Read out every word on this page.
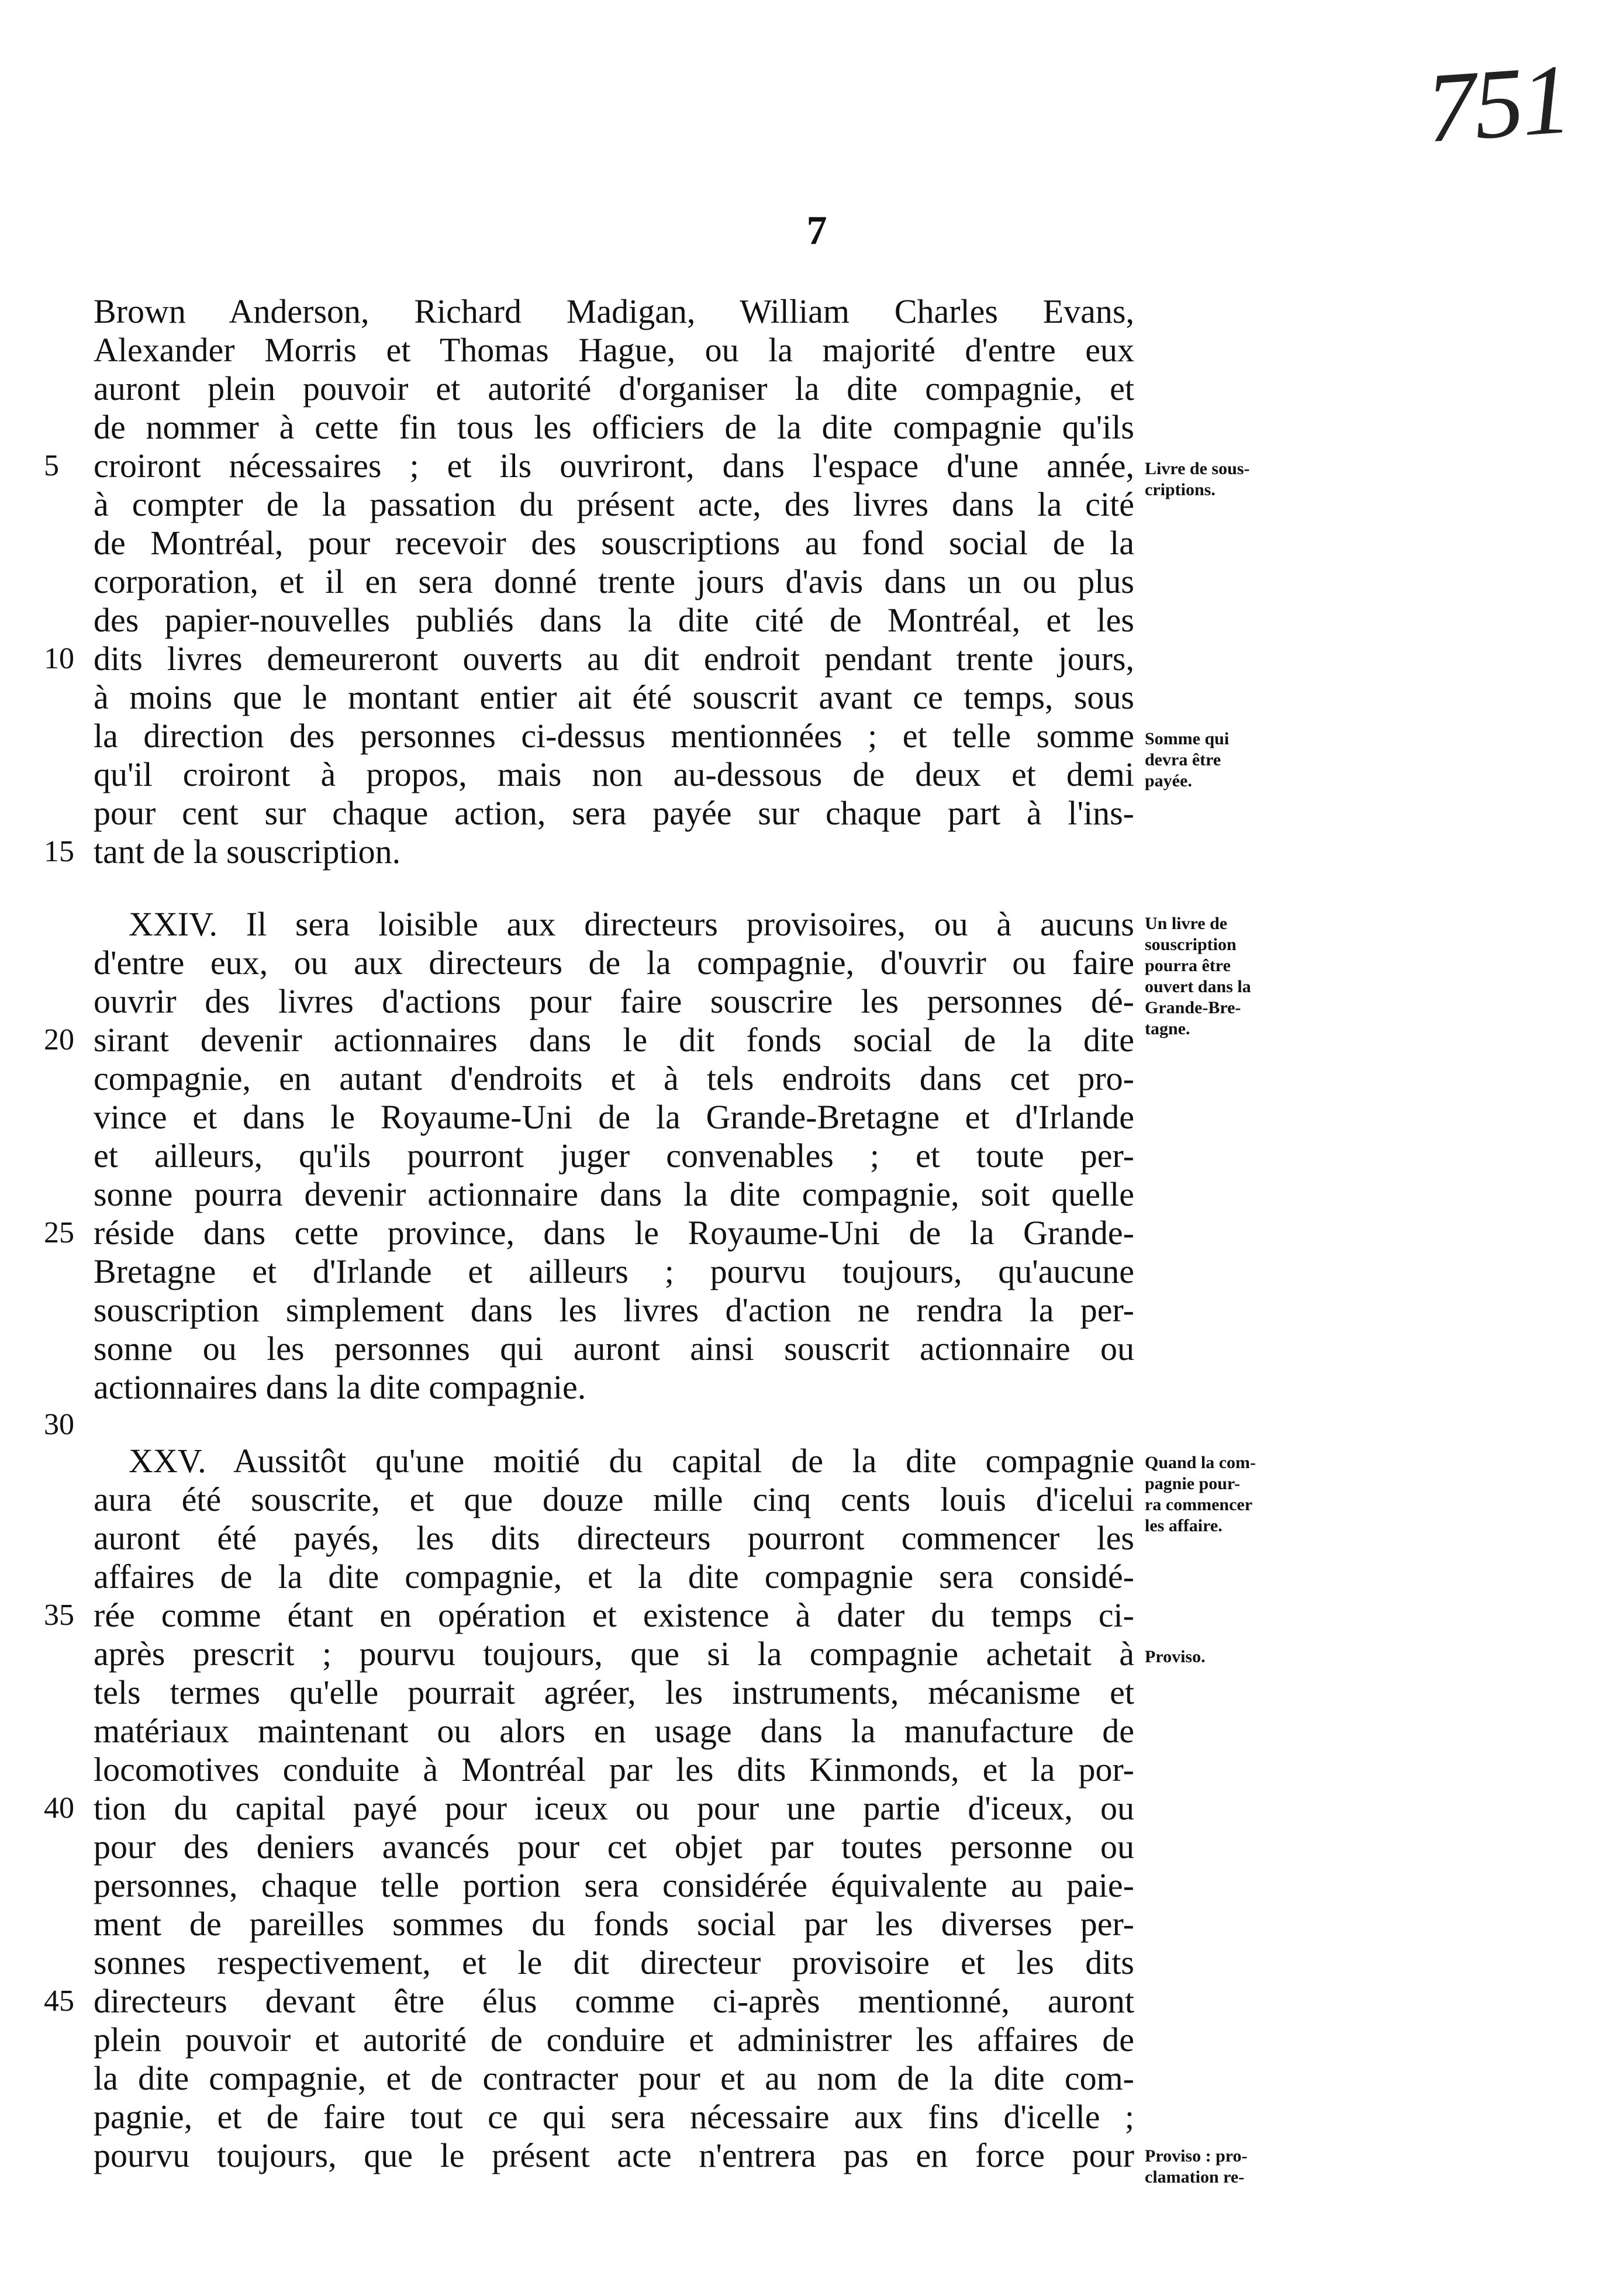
751
7
Brown Anderson, Richard Madigan, William Charles Evans,
Alexander Morris et Thomas Hague, ou la majorité d'entre eux
auront plein pouvoir et autorité d'organiser la dite compagnie, et
de nommer à cette fin tous les officiers de la dite compagnie qu'ils
croiront nécessaires ; et ils ouvriront, dans l'espace d'une année,
à compter de la passation du présent acte, des livres dans la cité
de Montréal, pour recevoir des souscriptions au fond social de la
corporation, et il en sera donné trente jours d'avis dans un ou plus
des papier-nouvelles publiés dans la dite cité de Montréal, et les
dits livres demeureront ouverts au dit endroit pendant trente jours,
à moins que le montant entier ait été souscrit avant ce temps, sous
la direction des personnes ci-dessus mentionnées ; et telle somme
qu'il croiront à propos, mais non au-dessous de deux et demi
pour cent sur chaque action, sera payée sur chaque part à l'ins-
tant de la souscription.
XXIV. Il sera loisible aux directeurs provisoires, ou à aucuns
d'entre eux, ou aux directeurs de la compagnie, d'ouvrir ou faire
ouvrir des livres d'actions pour faire souscrire les personnes dé-
sirant devenir actionnaires dans le dit fonds social de la dite
compagnie, en autant d'endroits et à tels endroits dans cet pro-
vince et dans le Royaume-Uni de la Grande-Bretagne et d'Irlande
et ailleurs, qu'ils pourront juger convenables ; et toute per-
sonne pourra devenir actionnaire dans la dite compagnie, soit quelle
réside dans cette province, dans le Royaume-Uni de la Grande-
Bretagne et d'Irlande et ailleurs ; pourvu toujours, qu'aucune
souscription simplement dans les livres d'action ne rendra la per-
sonne ou les personnes qui auront ainsi souscrit actionnaire ou
actionnaires dans la dite compagnie.
XXV. Aussitôt qu'une moitié du capital de la dite compagnie
aura été souscrite, et que douze mille cinq cents louis d'icelui
auront été payés, les dits directeurs pourront commencer les
affaires de la dite compagnie, et la dite compagnie sera considé-
rée comme étant en opération et existence à dater du temps ci-
après prescrit ; pourvu toujours, que si la compagnie achetait à
tels termes qu'elle pourrait agréer, les instruments, mécanisme et
matériaux maintenant ou alors en usage dans la manufacture de
locomotives conduite à Montréal par les dits Kinmonds, et la por-
tion du capital payé pour iceux ou pour une partie d'iceux, ou
pour des deniers avancés pour cet objet par toutes personne ou
personnes, chaque telle portion sera considérée équivalente au paie-
ment de pareilles sommes du fonds social par les diverses per-
sonnes respectivement, et le dit directeur provisoire et les dits
directeurs devant être élus comme ci-après mentionné, auront
plein pouvoir et autorité de conduire et administrer les affaires de
la dite compagnie, et de contracter pour et au nom de la dite com-
pagnie, et de faire tout ce qui sera nécessaire aux fins d'icelle ;
pourvu toujours, que le présent acte n'entrera pas en force pour
5
10
15
20
25
30
35
40
45
Livre de sous-
criptions.
Somme qui
devra être
payée.
Un livre de
souscription
pourra être
ouvert dans la
Grande-Bre-
tagne.
Quand la com-
pagnie pour-
ra commencer
les affaire.
Proviso.
Proviso : pro-
clamation re-
